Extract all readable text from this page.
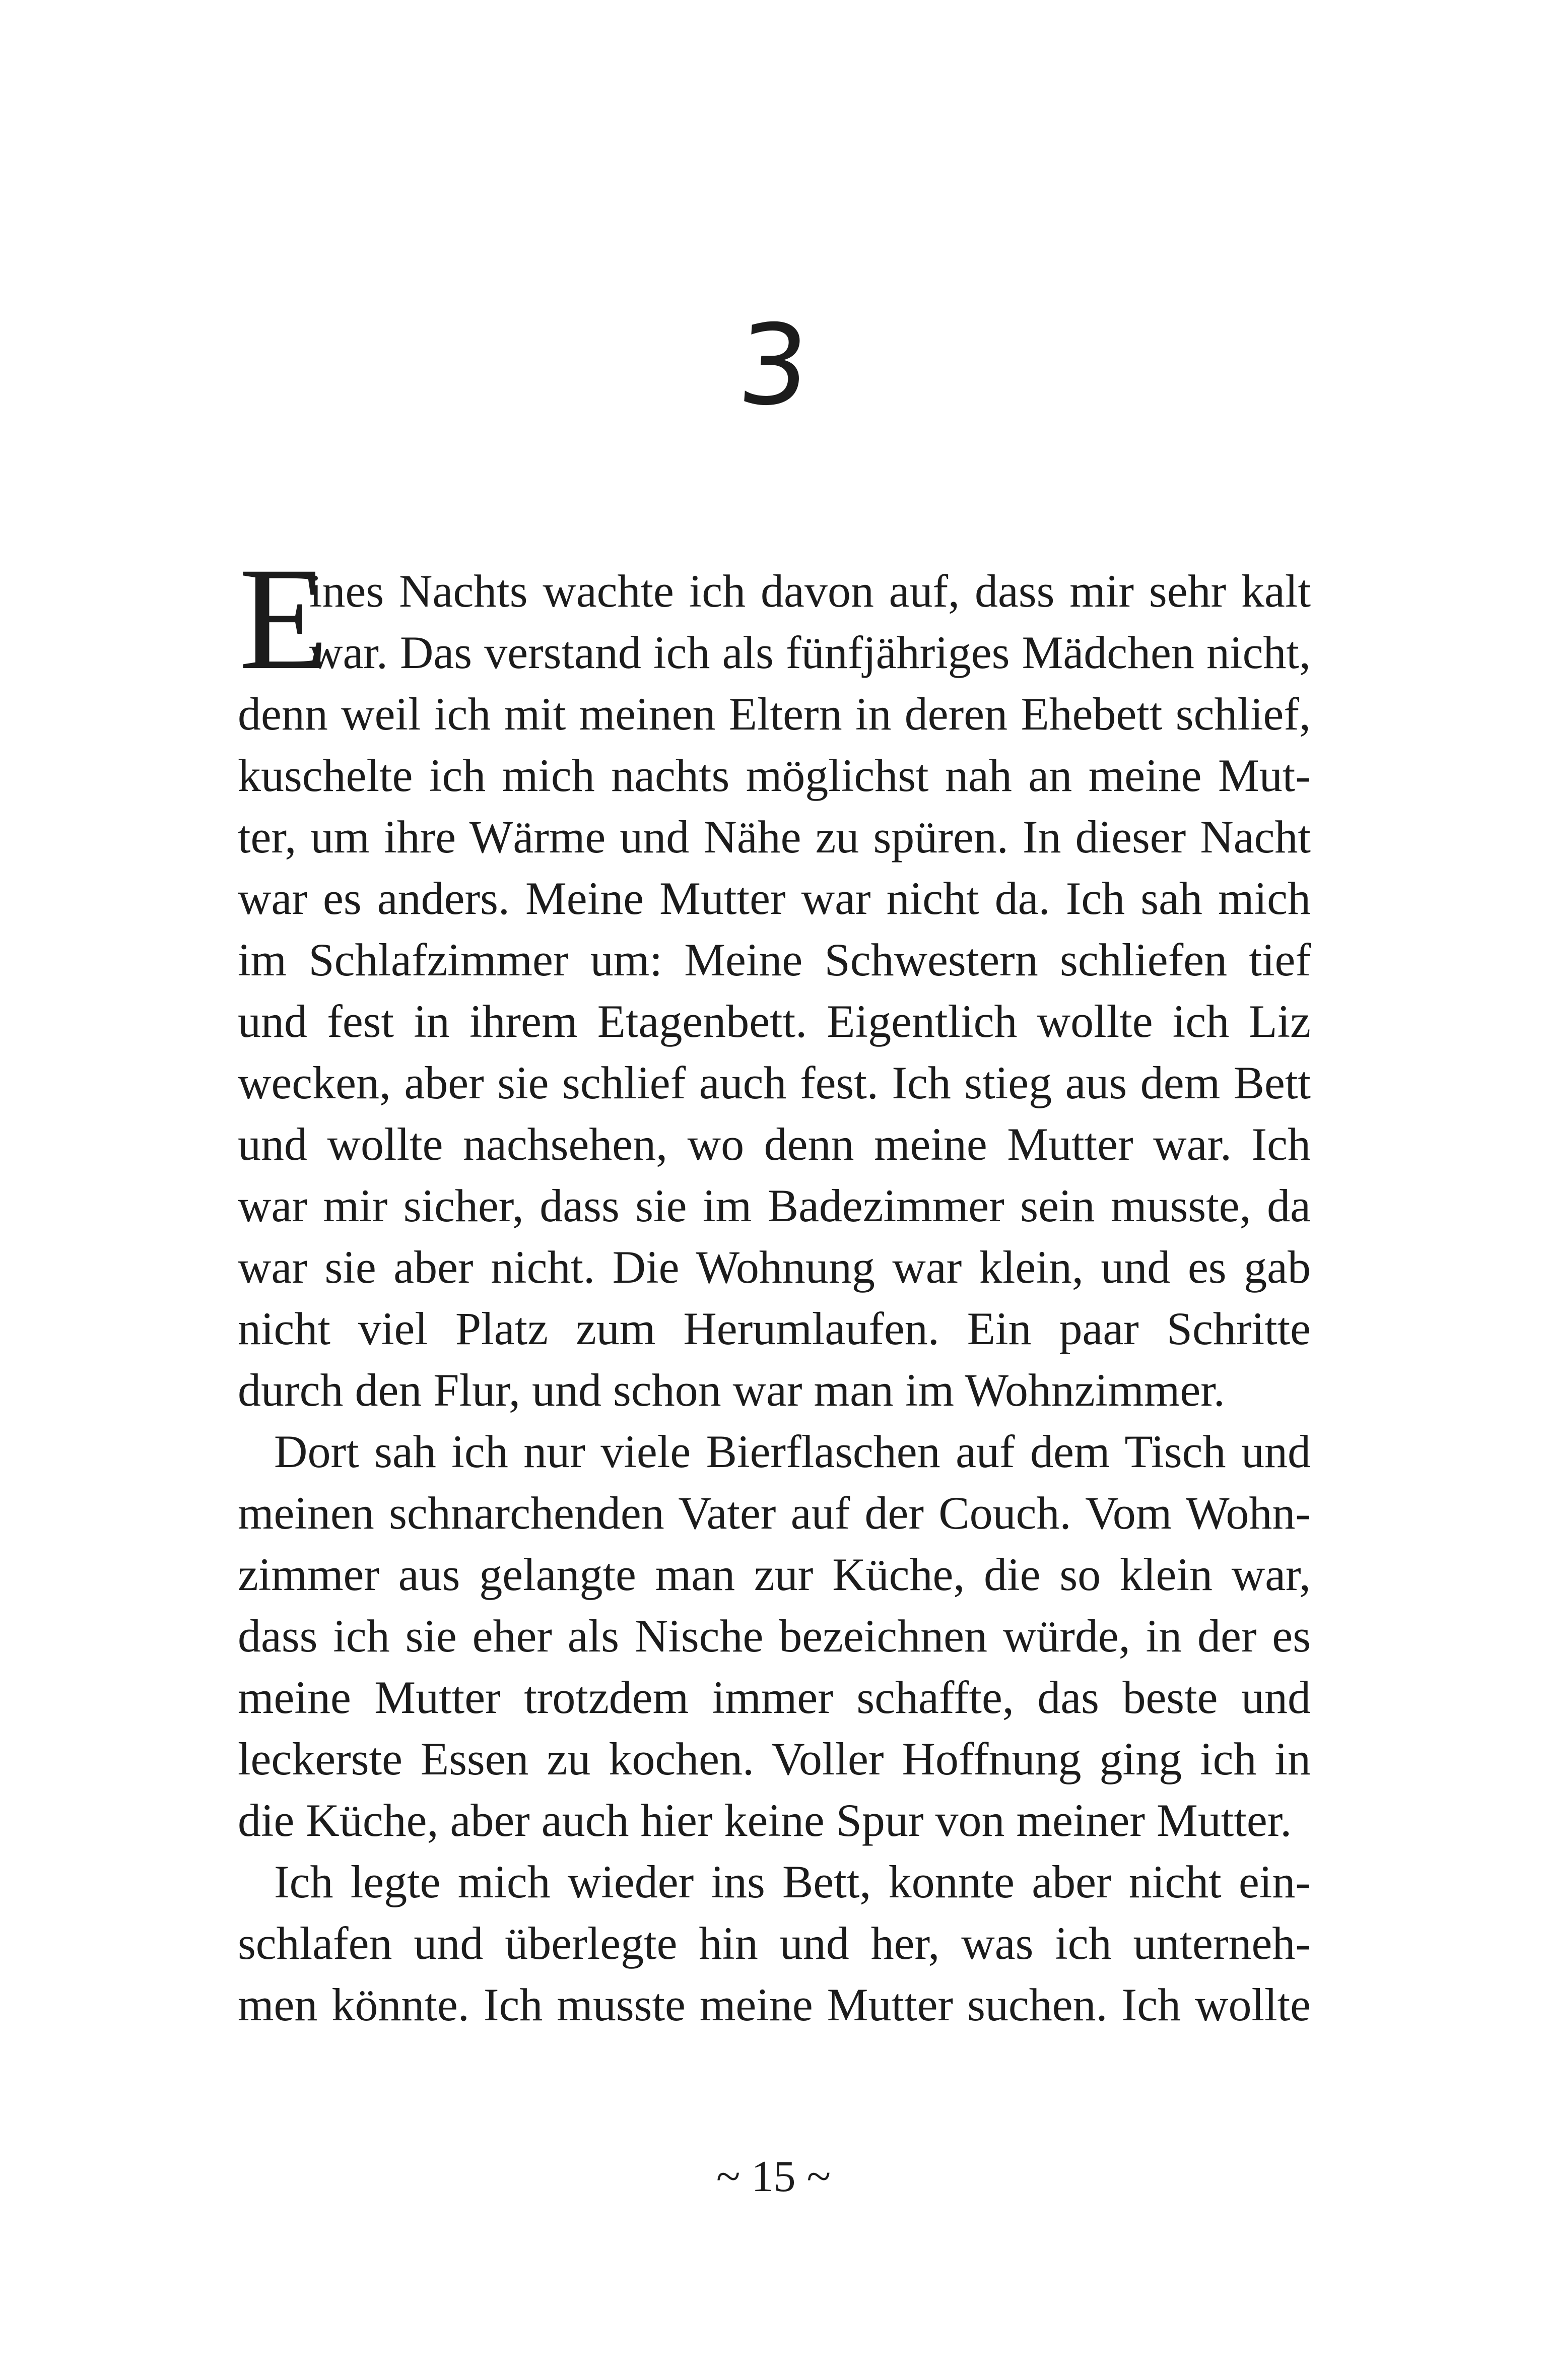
3
E
ines Nachts wachte ich davon auf, dass mir sehr kalt
war. Das verstand ich als fünfjähriges Mädchen nicht,
denn weil ich mit meinen Eltern in deren Ehebett schlief,
kuschelte ich mich nachts möglichst nah an meine Mut-
ter, um ihre Wärme und Nähe zu spüren. In dieser Nacht
war es anders. Meine Mutter war nicht da. Ich sah mich
im Schlafzimmer um: Meine Schwestern schliefen tief
und fest in ihrem Etagenbett. Eigentlich wollte ich Liz
wecken, aber sie schlief auch fest. Ich stieg aus dem Bett
und wollte nachsehen, wo denn meine Mutter war. Ich
war mir sicher, dass sie im Badezimmer sein musste, da
war sie aber nicht. Die Wohnung war klein, und es gab
nicht viel Platz zum Herumlaufen. Ein paar Schritte
durch den Flur, und schon war man im Wohnzimmer.
Dort sah ich nur viele Bierflaschen auf dem Tisch und
meinen schnarchenden Vater auf der Couch. Vom Wohn-
zimmer aus gelangte man zur Küche, die so klein war,
dass ich sie eher als Nische bezeichnen würde, in der es
meine Mutter trotzdem immer schaffte, das beste und
leckerste Essen zu kochen. Voller Hoffnung ging ich in
die Küche, aber auch hier keine Spur von meiner Mutter.
Ich legte mich wieder ins Bett, konnte aber nicht ein-
schlafen und überlegte hin und her, was ich unterneh-
men könnte. Ich musste meine Mutter suchen. Ich wollte
~ 15 ~
